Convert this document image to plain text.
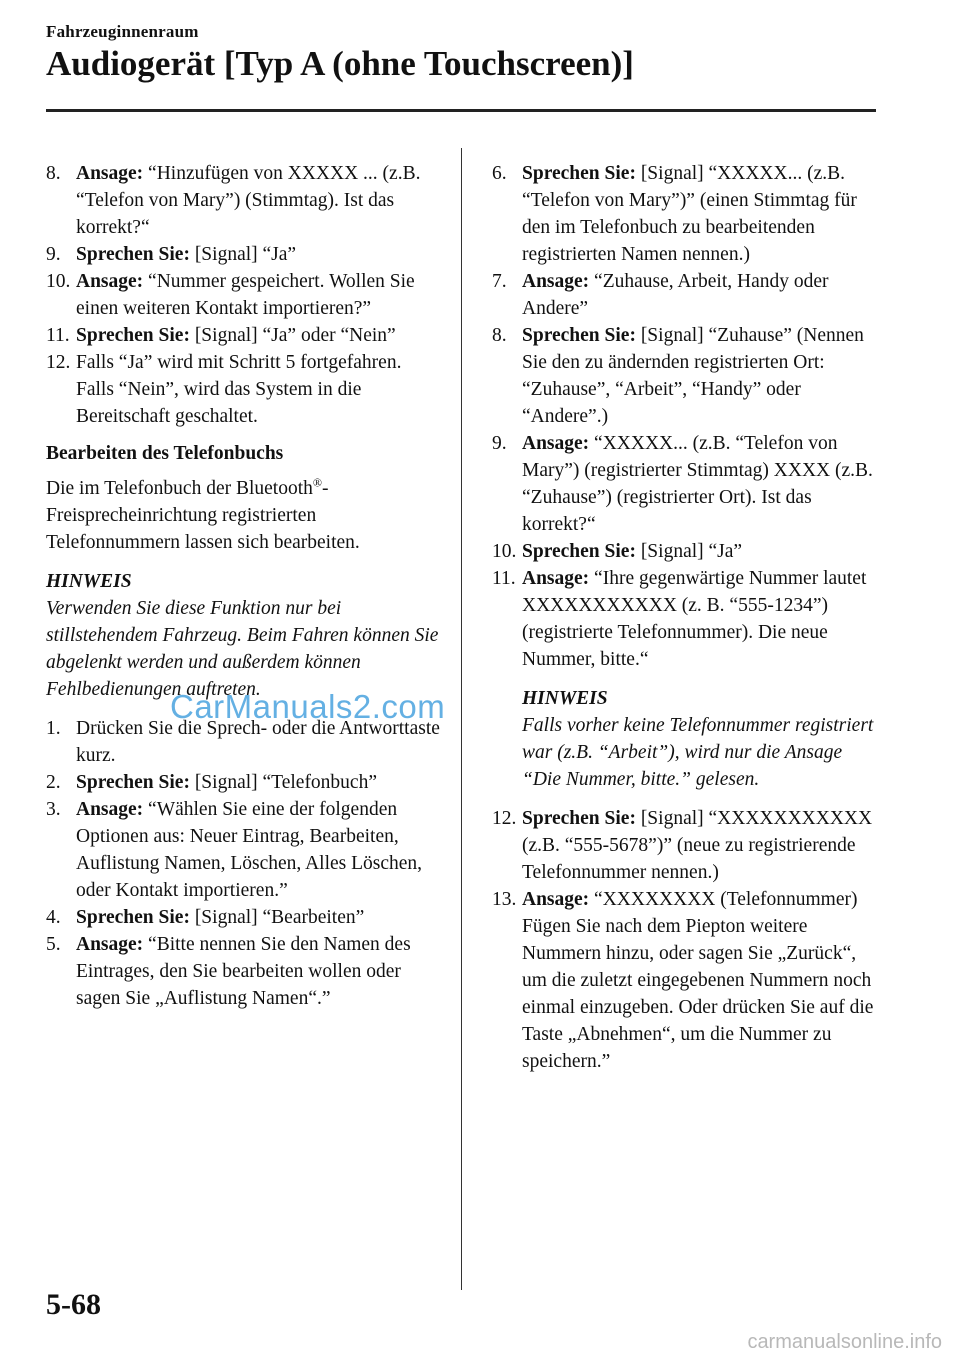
Fahrzeuginnenraum
Audiogerät [Typ A (ohne Touchscreen)]
8. Ansage: “Hinzufügen von XXXXX ... (z.B. “Telefon von Mary”) (Stimmtag). Ist das korrekt?“
9. Sprechen Sie: [Signal] “Ja”
10. Ansage: “Nummer gespeichert. Wollen Sie einen weiteren Kontakt importieren?”
11. Sprechen Sie: [Signal] “Ja” oder “Nein”
12. Falls “Ja” wird mit Schritt 5 fortgefahren.
Falls “Nein”, wird das System in die Bereitschaft geschaltet.
Bearbeiten des Telefonbuchs
Die im Telefonbuch der Bluetooth®-Freisprecheinrichtung registrierten Telefonnummern lassen sich bearbeiten.
HINWEIS
Verwenden Sie diese Funktion nur bei stillstehendem Fahrzeug. Beim Fahren können Sie abgelenkt werden und außerdem können Fehlbedienungen auftreten.
1. Drücken Sie die Sprech- oder die Antworttaste kurz.
2. Sprechen Sie: [Signal] “Telefonbuch”
3. Ansage: “Wählen Sie eine der folgenden Optionen aus: Neuer Eintrag, Bearbeiten, Auflistung Namen, Löschen, Alles Löschen, oder Kontakt importieren.”
4. Sprechen Sie: [Signal] “Bearbeiten”
5. Ansage: “Bitte nennen Sie den Namen des Eintrages, den Sie bearbeiten wollen oder sagen Sie „Auflistung Namen“.”
6. Sprechen Sie: [Signal] “XXXXX... (z.B. “Telefon von Mary”)” (einen Stimmtag für den im Telefonbuch zu bearbeitenden registrierten Namen nennen.)
7. Ansage: “Zuhause, Arbeit, Handy oder Andere”
8. Sprechen Sie: [Signal] “Zuhause” (Nennen Sie den zu ändernden registrierten Ort: “Zuhause”, “Arbeit”, “Handy” oder “Andere”.)
9. Ansage: “XXXXX... (z.B. “Telefon von Mary”) (registrierter Stimmtag) XXXX (z.B. “Zuhause”) (registrierter Ort). Ist das korrekt?“
10. Sprechen Sie: [Signal] “Ja”
11. Ansage: “Ihre gegenwärtige Nummer lautet XXXXXXXXXXX (z. B. “555-1234”) (registrierte Telefonnummer). Die neue Nummer, bitte.“
HINWEIS
Falls vorher keine Telefonnummer registriert war (z.B. “Arbeit”), wird nur die Ansage “Die Nummer, bitte.” gelesen.
12. Sprechen Sie: [Signal] “XXXXXXXXXXX (z.B. “555-5678”)” (neue zu registrierende Telefonnummer nennen.)
13. Ansage: “XXXXXXXX (Telefonnummer) Fügen Sie nach dem Piepton weitere Nummern hinzu, oder sagen Sie „Zurück“, um die zuletzt eingegebenen Nummern noch einmal einzugeben. Oder drücken Sie auf die Taste „Abnehmen“, um die Nummer zu speichern.”
CarManuals2.com
5-68
carmanualsonline.info
